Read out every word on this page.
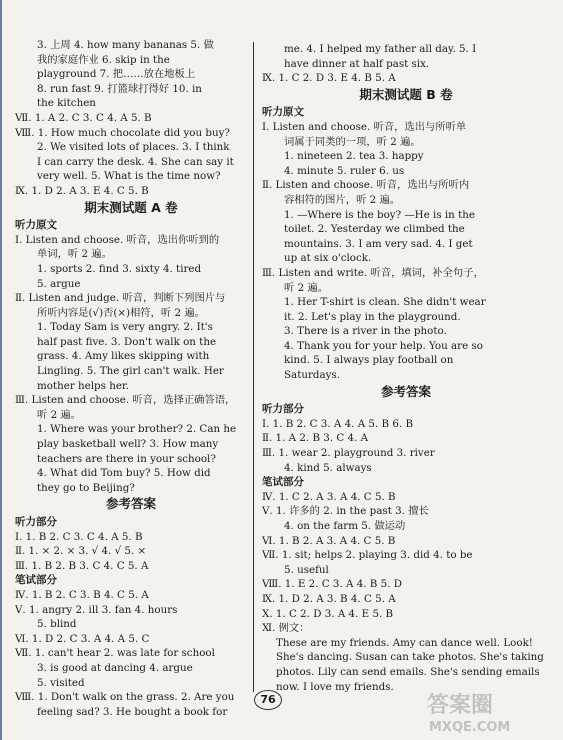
3. 上周 4. how many bananas 5. 做
我的家庭作业 6. skip in the
playground 7. 把……放在地板上
8. run fast 9. 打篮球打得好 10. in
the kitchen
Ⅶ. 1. A 2. C 3. C 4. A 5. B
Ⅷ. 1. How much chocolate did you buy?
2. We visited lots of places. 3. I think
I can carry the desk. 4. She can say it
very well. 5. What is the time now?
Ⅸ. 1. D 2. A 3. E 4. C 5. B
期末测试题 A 卷
听力原文
Ⅰ. Listen and choose. 听音，选出你听到的
单词，听 2 遍。
1. sports 2. find 3. sixty 4. tired
5. argue
Ⅱ. Listen and judge. 听音，判断下列图片与
所听内容是(√)否(×)相符，听 2 遍。
1. Today Sam is very angry. 2. It's
half past five. 3. Don't walk on the
grass. 4. Amy likes skipping with
Lingling. 5. The girl can't walk. Her
mother helps her.
Ⅲ. Listen and choose. 听音，选择正确答语，
听 2 遍。
1. Where was your brother? 2. Can he
play basketball well? 3. How many
teachers are there in your school?
4. What did Tom buy? 5. How did
they go to Beijing?
参考答案
听力部分
Ⅰ. 1. B 2. C 3. C 4. A 5. B
Ⅱ. 1. × 2. × 3. √ 4. √ 5. ×
Ⅲ. 1. B 2. B 3. C 4. C 5. A
笔试部分
Ⅳ. 1. B 2. C 3. B 4. C 5. A
Ⅴ. 1. angry 2. ill 3. fan 4. hours
5. blind
Ⅵ. 1. D 2. C 3. A 4. A 5. C
Ⅶ. 1. can't hear 2. was late for school
3. is good at dancing 4. argue
5. visited
Ⅷ. 1. Don't walk on the grass. 2. Are you
feeling sad? 3. He bought a book for
me. 4. I helped my father all day. 5. I
have dinner at half past six.
Ⅸ. 1. C 2. D 3. E 4. B 5. A
期末测试题 B 卷
听力原文
Ⅰ. Listen and choose. 听音，选出与所听单
词属于同类的一项，听 2 遍。
1. nineteen 2. tea 3. happy
4. minute 5. ruler 6. us
Ⅱ. Listen and choose. 听音，选出与所听内
容相符的图片，听 2 遍。
1. —Where is the boy? —He is in the
toilet. 2. Yesterday we climbed the
mountains. 3. I am very sad. 4. I get
up at six o'clock.
Ⅲ. Listen and write. 听音，填词，补全句子，
听 2 遍。
1. Her T-shirt is clean. She didn't wear
it. 2. Let's play in the playground.
3. There is a river in the photo.
4. Thank you for your help. You are so
kind. 5. I always play football on
Saturdays.
参考答案
听力部分
Ⅰ. 1. B 2. C 3. A 4. A 5. B 6. B
Ⅱ. 1. A 2. B 3. C 4. A
Ⅲ. 1. wear 2. playground 3. river
4. kind 5. always
笔试部分
Ⅳ. 1. C 2. A 3. A 4. C 5. B
Ⅴ. 1. 许多的 2. in the past 3. 擅长
4. on the farm 5. 做运动
Ⅵ. 1. B 2. A 3. A 4. C 5. B
Ⅶ. 1. sit; helps 2. playing 3. did 4. to be
5. useful
Ⅷ. 1. E 2. C 3. A 4. B 5. D
Ⅸ. 1. D 2. A 3. B 4. C 5. A
Ⅹ. 1. C 2. D 3. A 4. E 5. B
Ⅺ. 例文：
These are my friends. Amy can dance well. Look! She's dancing. Susan can take photos. She's taking photos. Lily can send emails. She's sending emails now. I love my friends.
76	答案圈
MXQE.COM
